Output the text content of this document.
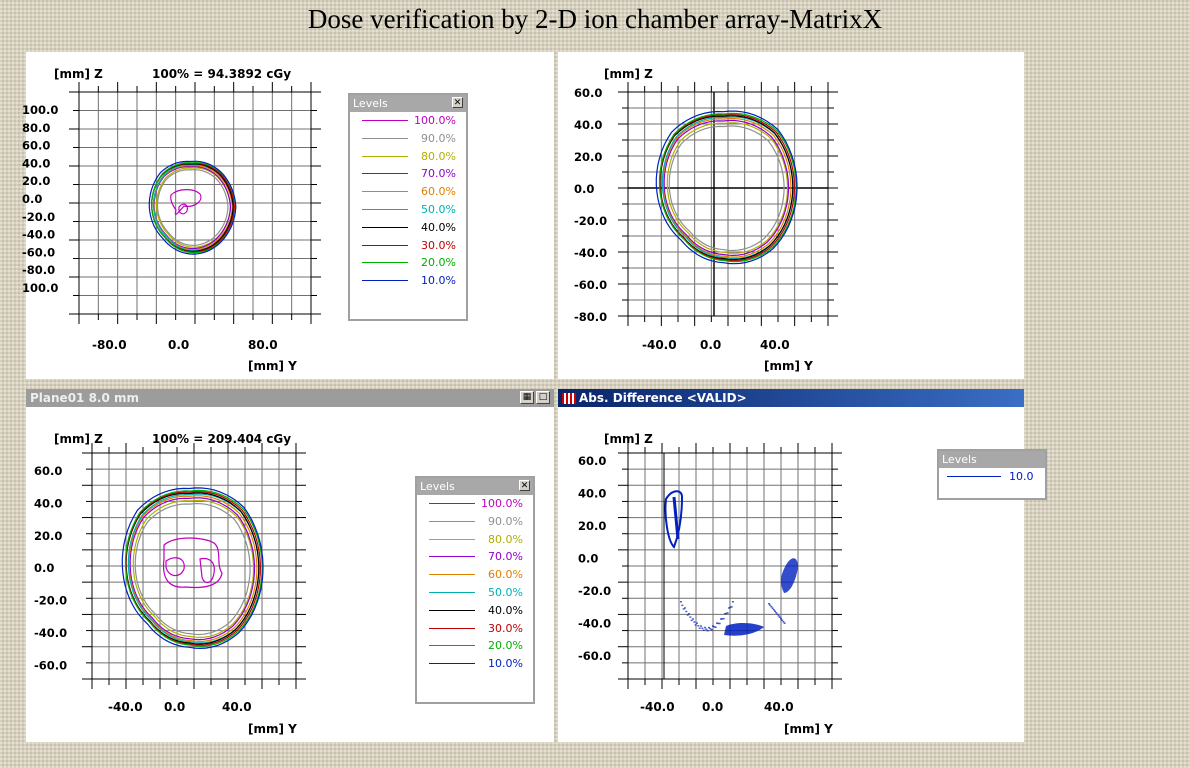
Dose verification by 2-D ion chamber array-MatrixX
[mm] Z	100% = 94.3892 cGy
100.0
80.0
60.0
40.0
20.0
0.0
-20.0
-40.0
-60.0
-80.0
100.0
-80.0	0.0	80.0
[mm] Y
Levels	✕
100.0%
90.0%
80.0%
70.0%
60.0%
50.0%
40.0%
30.0%
20.0%
10.0%
[mm] Z
60.0
40.0
20.0
0.0
-20.0
-40.0
-60.0
-80.0
-40.0 0.0	40.0
[mm] Y
Plane01 8.0 mm	▦ □
[mm] Z	100% = 209.404 cGy
60.0
40.0
20.0
0.0
-20.0
-40.0
-60.0
-40.0 0.0	40.0
[mm] Y
Levels	✕
100.0%
90.0%
80.0%
70.0%
60.0%
50.0%
40.0%
30.0%
20.0%
10.0%
Abs. Difference <VALID>
[mm] Z
60.0
40.0
20.0
0.0
-20.0
-40.0
-60.0
-40.0 0.0	40.0
[mm] Y
Levels
10.0
